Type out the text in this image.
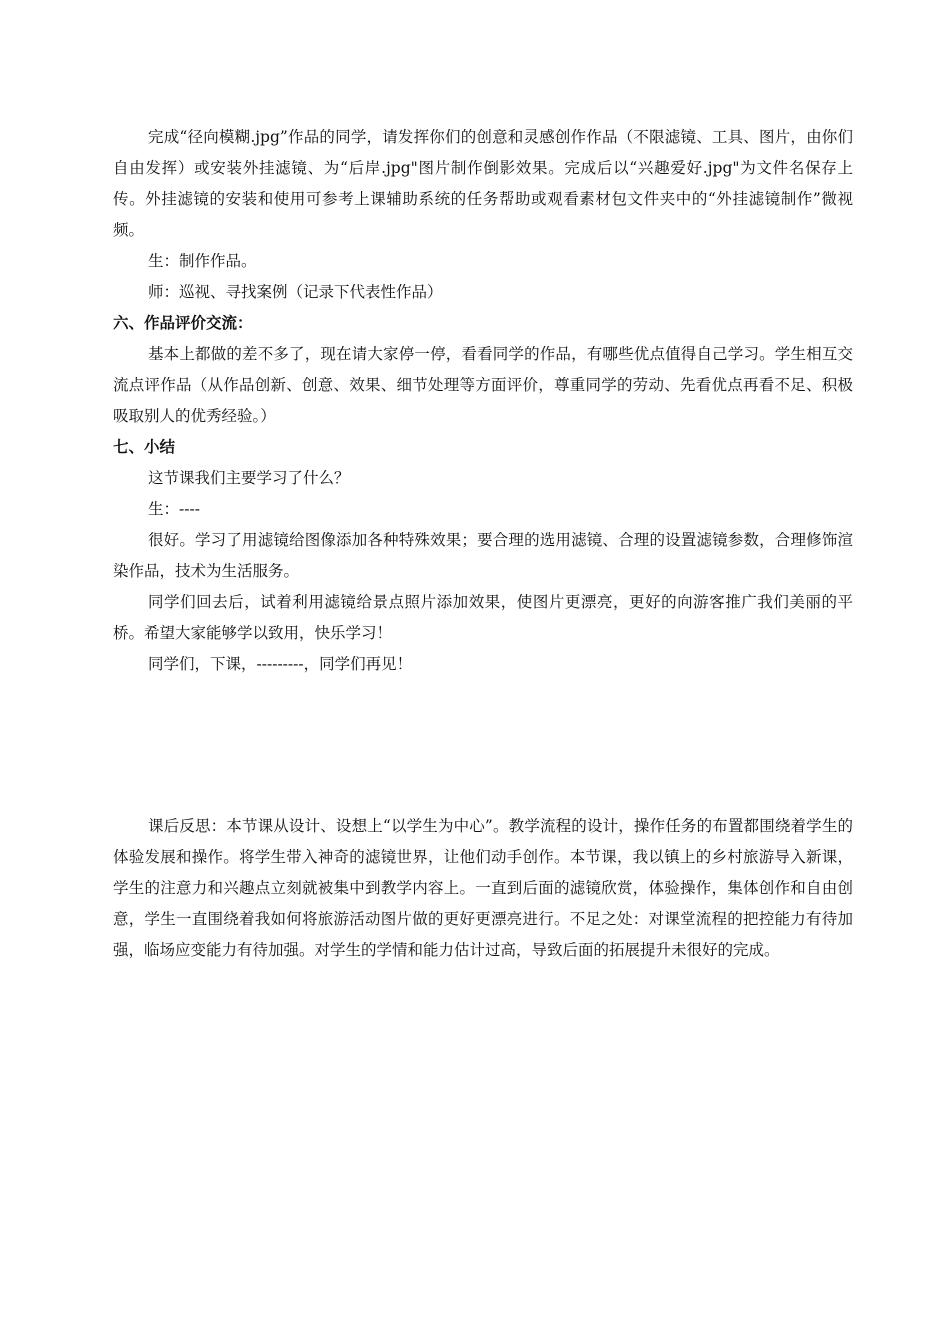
完成“径向模糊.jpg”作品的同学，请发挥你们的创意和灵感创作作品（不限滤镜、工具、图片，由你们自由发挥）或安装外挂滤镜、为“后岸.jpg"图片制作倒影效果。完成后以“兴趣爱好.jpg"为文件名保存上传。外挂滤镜的安装和使用可参考上课辅助系统的任务帮助或观看素材包文件夹中的“外挂滤镜制作”微视频。

生：制作作品。

师：巡视、寻找案例（记录下代表性作品）

六、作品评价交流：

基本上都做的差不多了，现在请大家停一停，看看同学的作品，有哪些优点值得自己学习。学生相互交流点评作品（从作品创新、创意、效果、细节处理等方面评价，尊重同学的劳动、先看优点再看不足、积极吸取别人的优秀经验。）

七、小结

这节课我们主要学习了什么？

生：----

很好。学习了用滤镜给图像添加各种特殊效果；要合理的选用滤镜、合理的设置滤镜参数，合理修饰渲染作品，技术为生活服务。

同学们回去后，试着利用滤镜给景点照片添加效果，使图片更漂亮，更好的向游客推广我们美丽的平桥。希望大家能够学以致用，快乐学习！

同学们，下课，---------，同学们再见！

课后反思：本节课从设计、设想上“以学生为中心”。教学流程的设计，操作任务的布置都围绕着学生的体验发展和操作。将学生带入神奇的滤镜世界，让他们动手创作。本节课，我以镇上的乡村旅游导入新课，学生的注意力和兴趣点立刻就被集中到教学内容上。一直到后面的滤镜欣赏，体验操作，集体创作和自由创意，学生一直围绕着我如何将旅游活动图片做的更好更漂亮进行。不足之处：对课堂流程的把控能力有待加强，临场应变能力有待加强。对学生的学情和能力估计过高，导致后面的拓展提升未很好的完成。
